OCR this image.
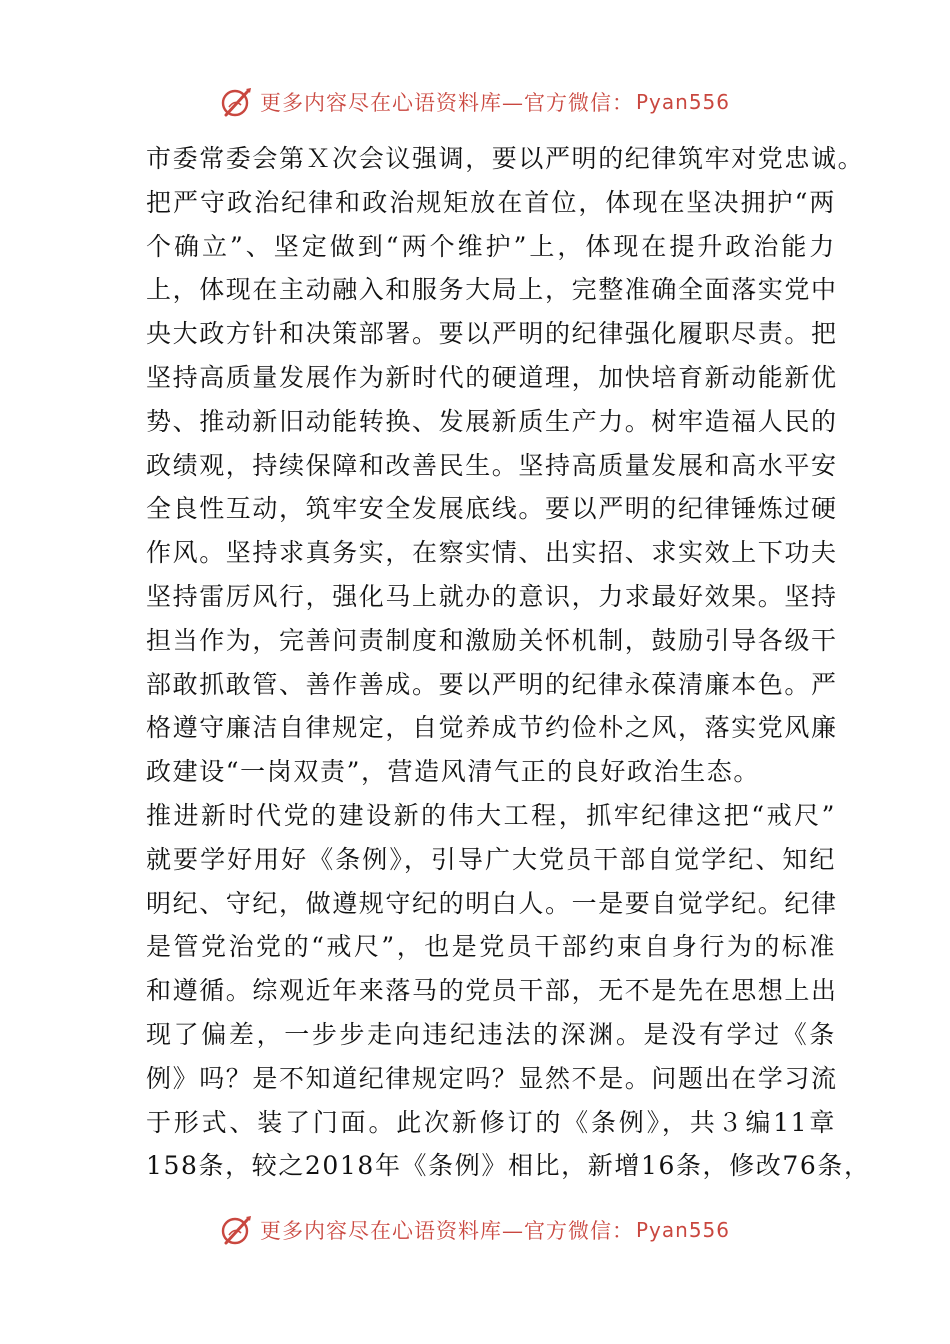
更多内容尽在心语资料库—官方微信： Pyan556
市委常委会第Ｘ次会议强调，要以严明的纪律筑牢对党忠诚。
把严守政治纪律和政治规矩放在首位，体现在坚决拥护“两
个确立”、坚定做到“两个维护”上，体现在提升政治能力
上，体现在主动融入和服务大局上，完整准确全面落实党中
央大政方针和决策部署。要以严明的纪律强化履职尽责。把
坚持高质量发展作为新时代的硬道理，加快培育新动能新优
势、推动新旧动能转换、发展新质生产力。树牢造福人民的
政绩观，持续保障和改善民生。坚持高质量发展和高水平安
全良性互动，筑牢安全发展底线。要以严明的纪律锤炼过硬
作风。坚持求真务实，在察实情、出实招、求实效上下功夫
坚持雷厉风行，强化马上就办的意识，力求最好效果。坚持
担当作为，完善问责制度和激励关怀机制，鼓励引导各级干
部敢抓敢管、善作善成。要以严明的纪律永葆清廉本色。严
格遵守廉洁自律规定，自觉养成节约俭朴之风，落实党风廉
政建设“一岗双责”，营造风清气正的良好政治生态。
推进新时代党的建设新的伟大工程，抓牢纪律这把“戒尺”
就要学好用好《条例》，引导广大党员干部自觉学纪、知纪
明纪、守纪，做遵规守纪的明白人。一是要自觉学纪。纪律
是管党治党的“戒尺”，也是党员干部约束自身行为的标准
和遵循。综观近年来落马的党员干部，无不是先在思想上出
现了偏差，一步步走向违纪违法的深渊。是没有学过《条
例》吗？是不知道纪律规定吗？显然不是。问题出在学习流
于形式、装了门面。此次新修订的《条例》，共３编11章
158条，较之2018年《条例》相比，新增16条，修改76条，
更多内容尽在心语资料库—官方微信： Pyan556
